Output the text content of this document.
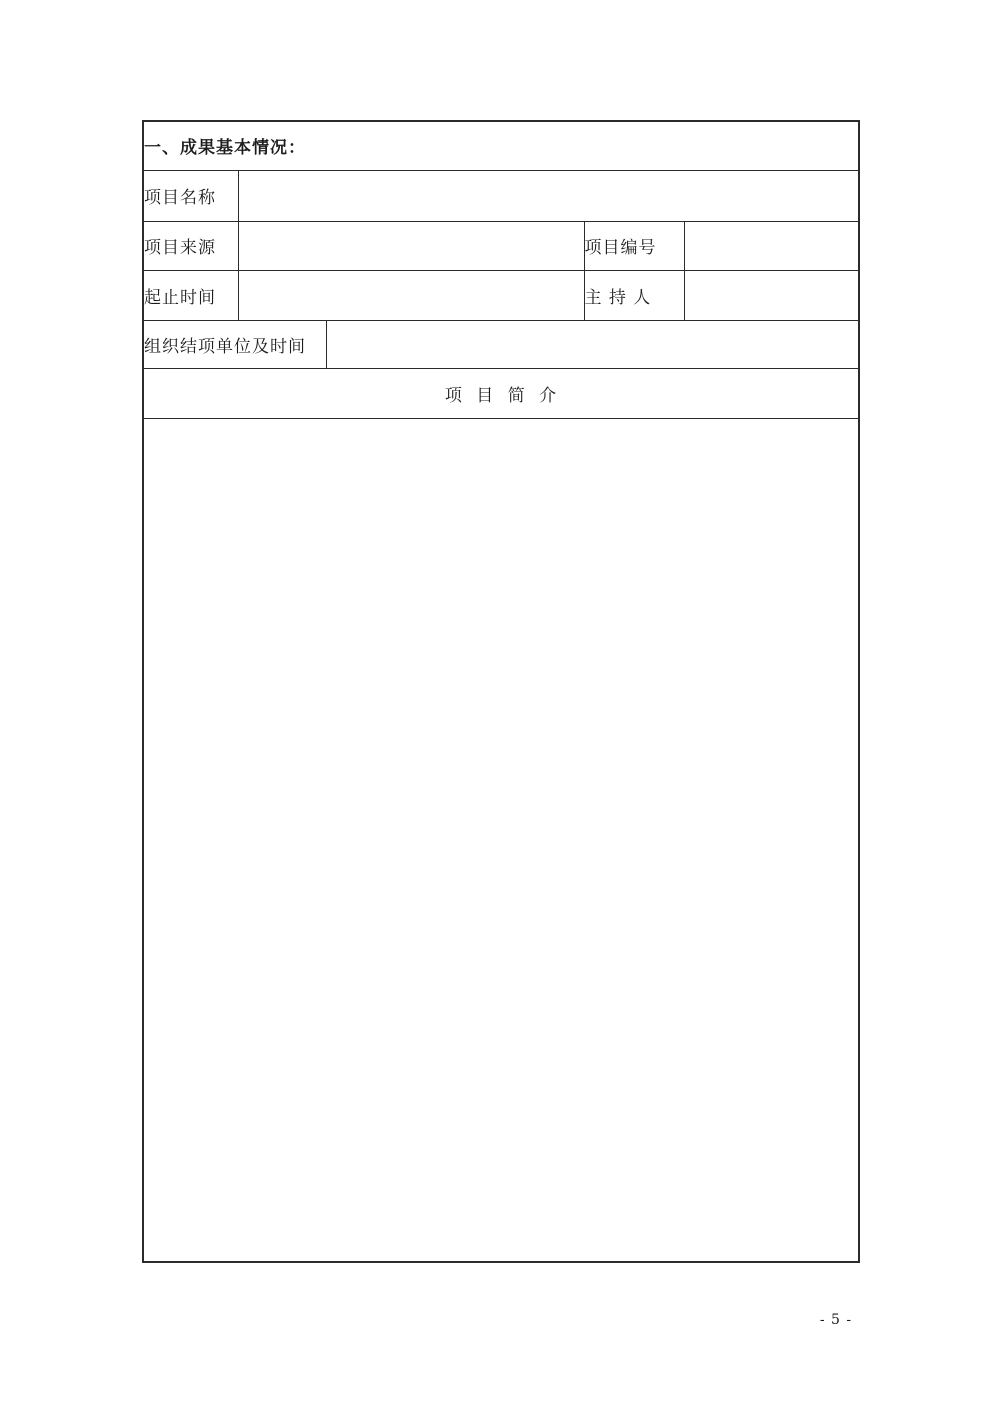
一、成果基本情况：				
项目名称				
项目来源			项目编号	
起止时间			主 持 人	
组织结项单位及时间				
项 目 简 介				

- 5 -
